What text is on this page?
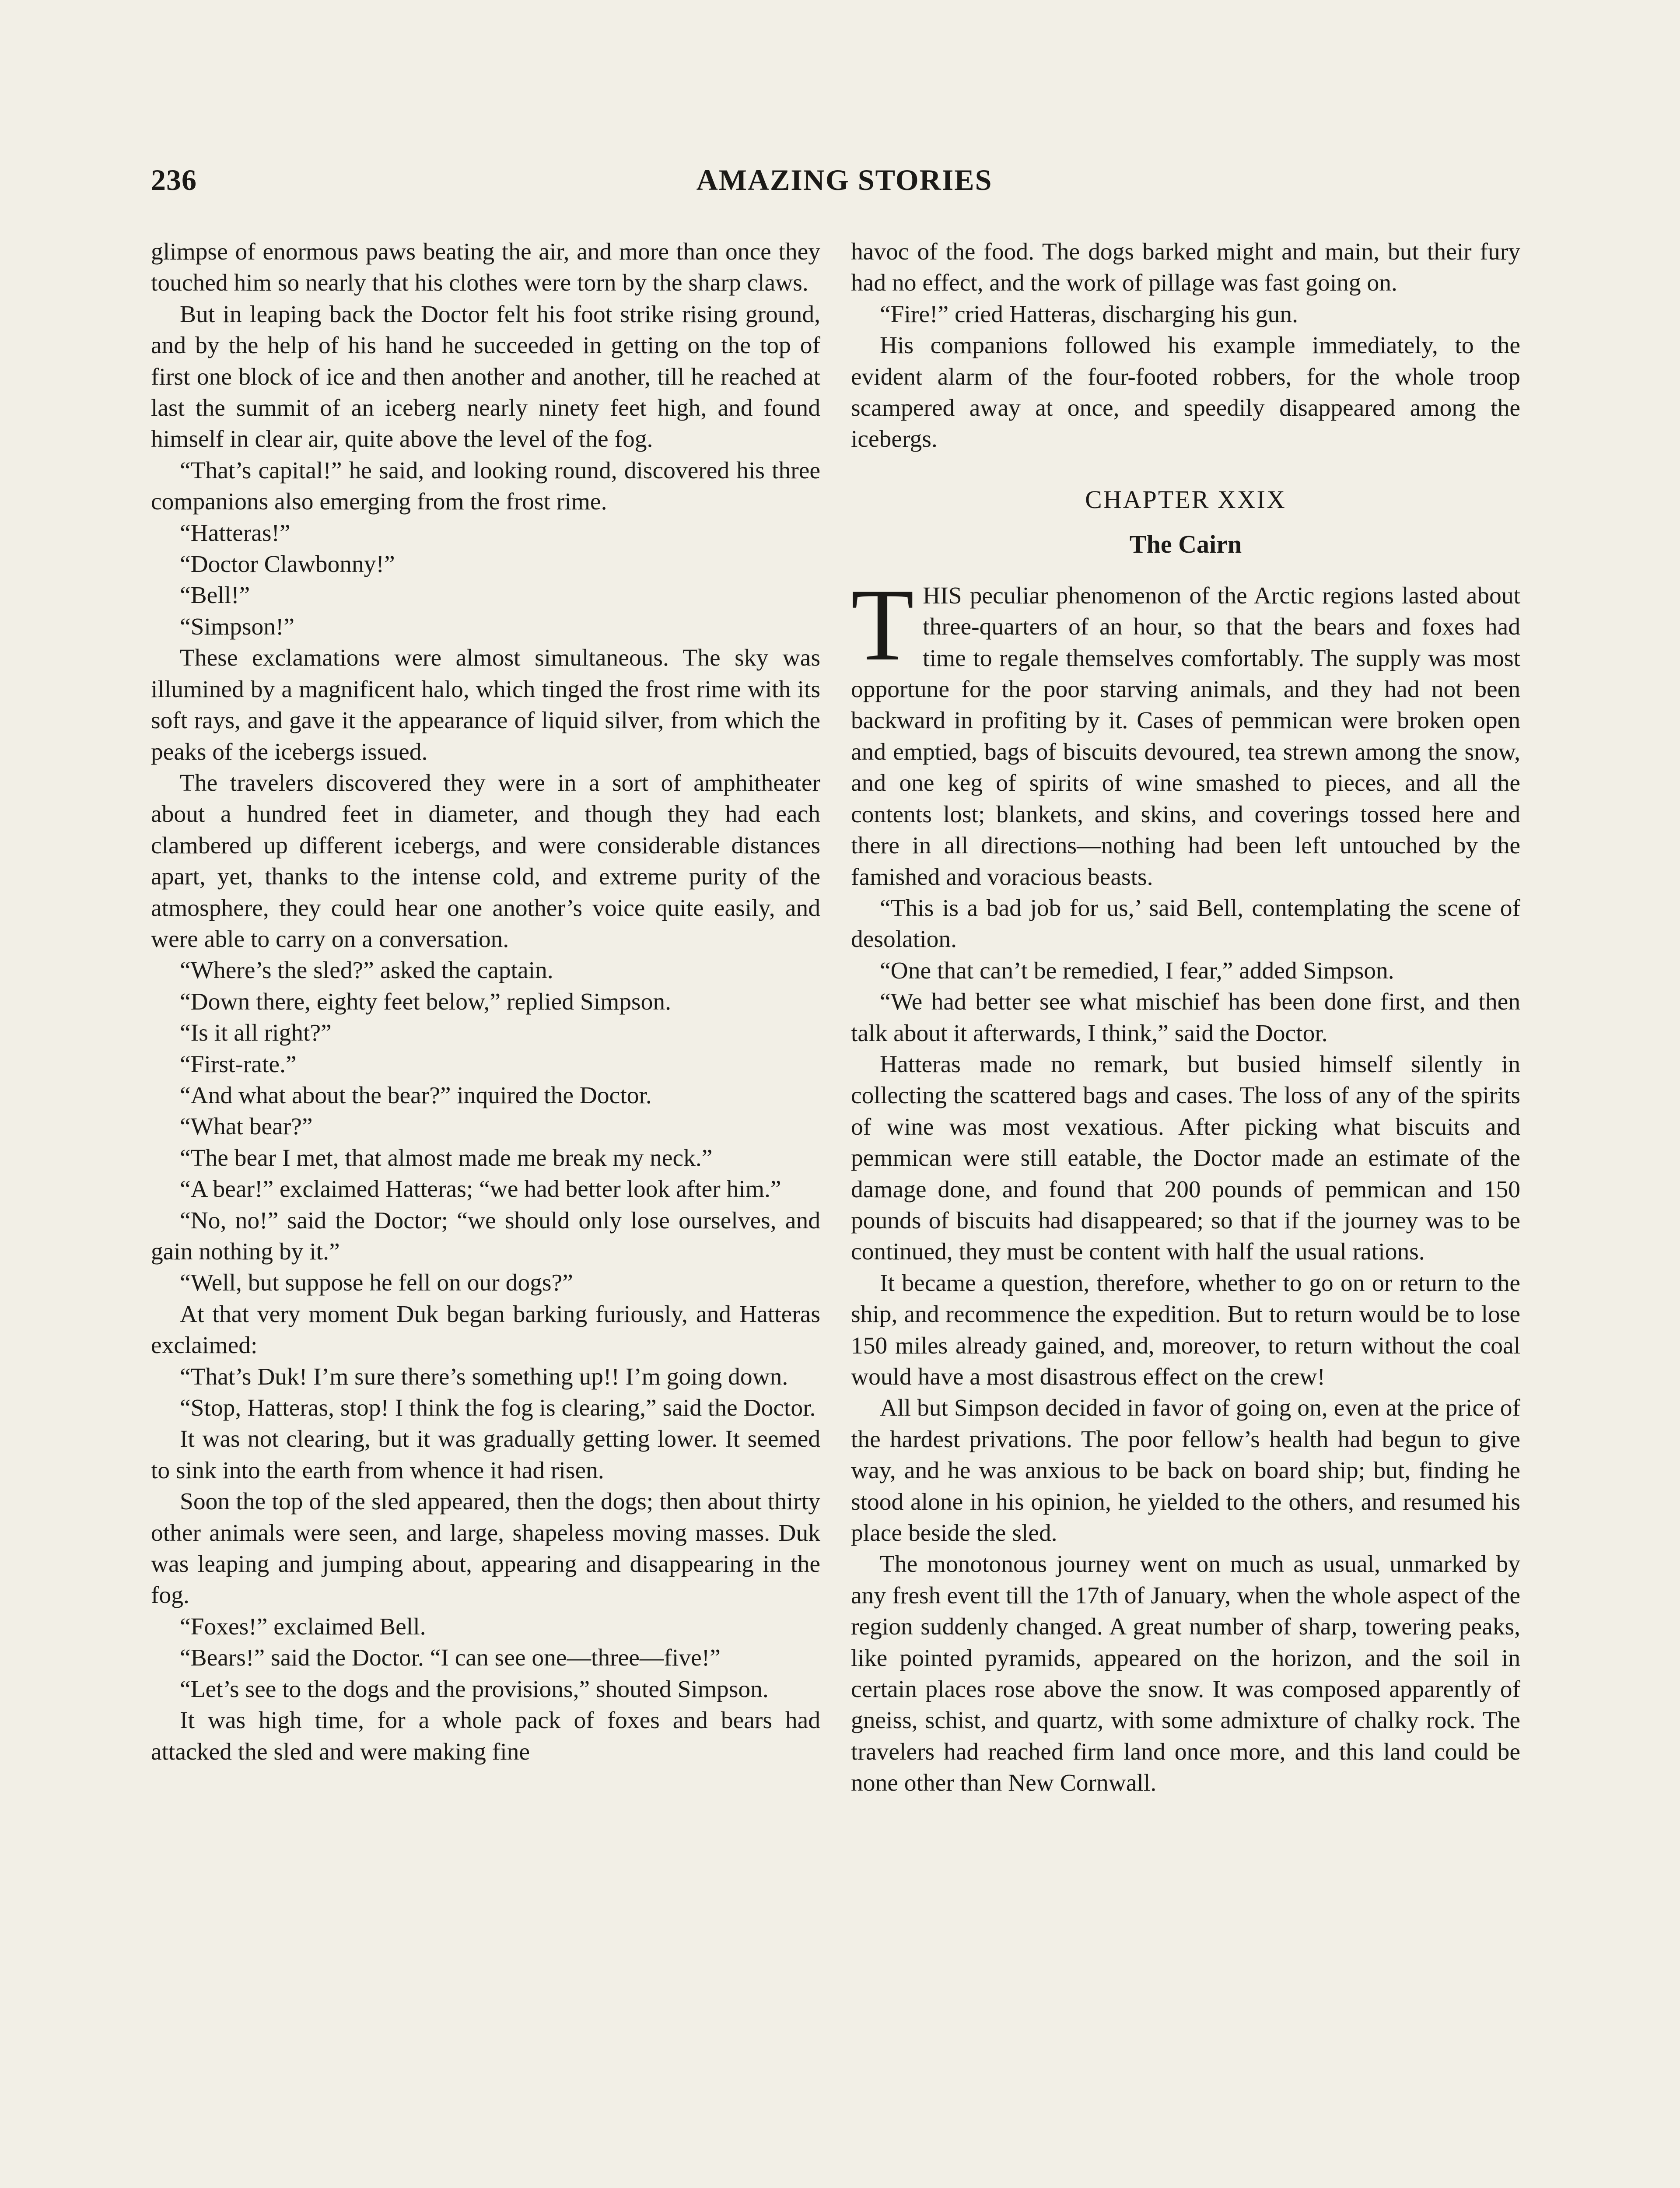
236	AMAZING STORIES

glimpse of enormous paws beating the air, and more than once they touched him so nearly that his clothes were torn by the sharp claws.

But in leaping back the Doctor felt his foot strike rising ground, and by the help of his hand he succeeded in getting on the top of first one block of ice and then another and another, till he reached at last the summit of an iceberg nearly ninety feet high, and found himself in clear air, quite above the level of the fog.

“That’s capital!” he said, and looking round, discovered his three companions also emerging from the frost rime.

“Hatteras!”

“Doctor Clawbonny!”

“Bell!”

“Simpson!”

These exclamations were almost simultaneous. The sky was illumined by a magnificent halo, which tinged the frost rime with its soft rays, and gave it the appearance of liquid silver, from which the peaks of the icebergs issued.

The travelers discovered they were in a sort of amphitheater about a hundred feet in diameter, and though they had each clambered up different icebergs, and were considerable distances apart, yet, thanks to the intense cold, and extreme purity of the atmosphere, they could hear one another’s voice quite easily, and were able to carry on a conversation.

“Where’s the sled?” asked the captain.

“Down there, eighty feet below,” replied Simpson.

“Is it all right?”

“First-rate.”

“And what about the bear?” inquired the Doctor.

“What bear?”

“The bear I met, that almost made me break my neck.”

“A bear!” exclaimed Hatteras; “we had better look after him.”

“No, no!” said the Doctor; “we should only lose ourselves, and gain nothing by it.”

“Well, but suppose he fell on our dogs?”

At that very moment Duk began barking furiously, and Hatteras exclaimed:

“That’s Duk! I’m sure there’s something up!! I’m going down.

“Stop, Hatteras, stop! I think the fog is clearing,” said the Doctor.

It was not clearing, but it was gradually getting lower. It seemed to sink into the earth from whence it had risen.

Soon the top of the sled appeared, then the dogs; then about thirty other animals were seen, and large, shapeless moving masses. Duk was leaping and jumping about, appearing and disappearing in the fog.

“Foxes!” exclaimed Bell.

“Bears!” said the Doctor. “I can see one—three—five!”

“Let’s see to the dogs and the provisions,” shouted Simpson.

It was high time, for a whole pack of foxes and bears had attacked the sled and were making fine

havoc of the food. The dogs barked might and main, but their fury had no effect, and the work of pillage was fast going on.

“Fire!” cried Hatteras, discharging his gun.

His companions followed his example immediately, to the evident alarm of the four-footed robbers, for the whole troop scampered away at once, and speedily disappeared among the icebergs.

CHAPTER XXIX

The Cairn

THIS peculiar phenomenon of the Arctic regions lasted about three-quarters of an hour, so that the bears and foxes had time to regale themselves comfortably. The supply was most opportune for the poor starving animals, and they had not been backward in profiting by it. Cases of pemmican were broken open and emptied, bags of biscuits devoured, tea strewn among the snow, and one keg of spirits of wine smashed to pieces, and all the contents lost; blankets, and skins, and coverings tossed here and there in all directions—nothing had been left untouched by the famished and voracious beasts.

“This is a bad job for us,’ said Bell, contemplating the scene of desolation.

“One that can’t be remedied, I fear,” added Simpson.

“We had better see what mischief has been done first, and then talk about it afterwards, I think,” said the Doctor.

Hatteras made no remark, but busied himself silently in collecting the scattered bags and cases. The loss of any of the spirits of wine was most vexatious. After picking what biscuits and pemmican were still eatable, the Doctor made an estimate of the damage done, and found that 200 pounds of pemmican and 150 pounds of biscuits had disappeared; so that if the journey was to be continued, they must be content with half the usual rations.

It became a question, therefore, whether to go on or return to the ship, and recommence the expedition. But to return would be to lose 150 miles already gained, and, moreover, to return without the coal would have a most disastrous effect on the crew!

All but Simpson decided in favor of going on, even at the price of the hardest privations. The poor fellow’s health had begun to give way, and he was anxious to be back on board ship; but, finding he stood alone in his opinion, he yielded to the others, and resumed his place beside the sled.

The monotonous journey went on much as usual, unmarked by any fresh event till the 17th of January, when the whole aspect of the region suddenly changed. A great number of sharp, towering peaks, like pointed pyramids, appeared on the horizon, and the soil in certain places rose above the snow. It was composed apparently of gneiss, schist, and quartz, with some admixture of chalky rock. The travelers had reached firm land once more, and this land could be none other than New Cornwall.
